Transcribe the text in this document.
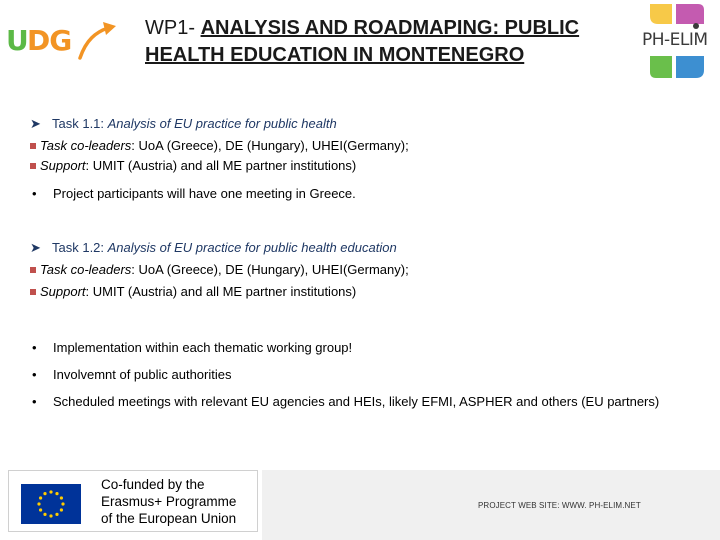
U DG	WP1- ANALYSIS AND ROADMAPING: PUBLIC
HEALTH EDUCATION IN MONTENEGRO
PH-ELIM
➤ Task 1.1: Analysis of EU practice for public health
Task co-leaders: UoA (Greece), DE (Hungary), UHEI(Germany);
Support: UMIT (Austria) and all ME partner institutions)
• Project participants will have one meeting in Greece.
➤ Task 1.2: Analysis of EU practice for public health education
Task co-leaders: UoA (Greece), DE (Hungary), UHEI(Germany);
Support: UMIT (Austria) and all ME partner institutions)
• Implementation within each thematic working group!
• Involvemnt of public authorities
• Scheduled meetings with relevant EU agencies and HEIs, likely EFMI, ASPHER and others (EU partners)
Co-funded by the
Erasmus+ Programme
of the European Union
PROJECT WEB SITE: WWW. PH-ELIM.NET
